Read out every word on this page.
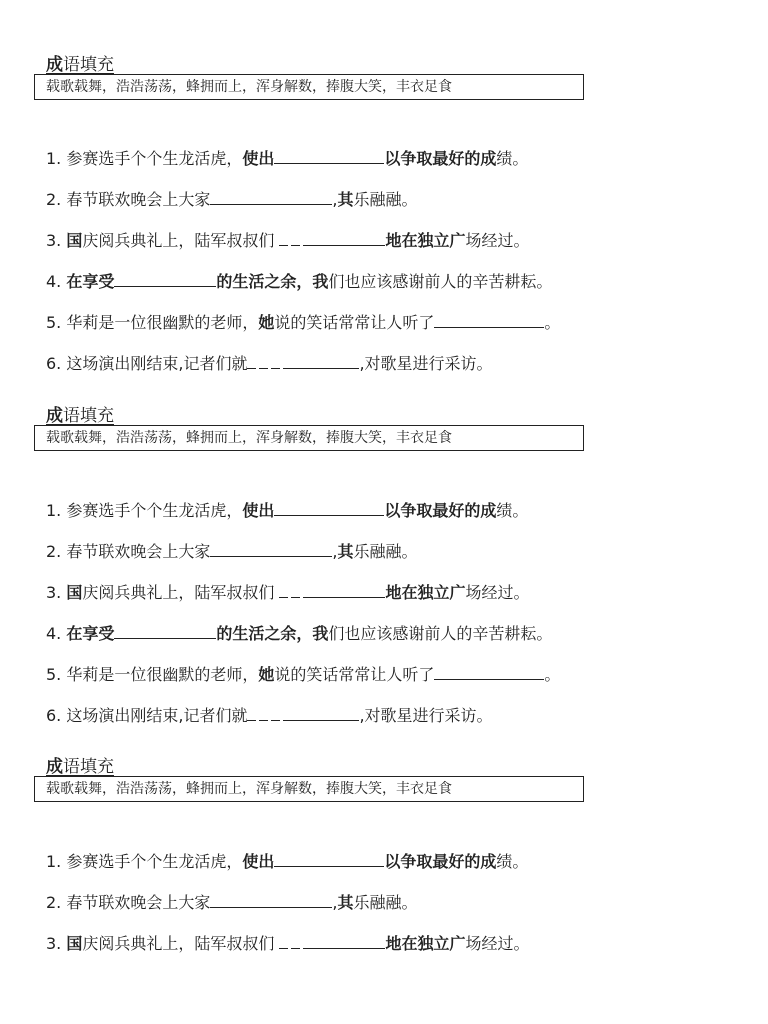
成语填充
载歌载舞，浩浩荡荡，蜂拥而上，浑身解数，捧腹大笑，丰衣足食
1. 参赛选手个个生龙活虎，使出	以争取最好的成绩。
2. 春节联欢晚会上大家	,其乐融融。
3. 国庆阅兵典礼上，陆军叔叔们	地在独立广场经过。
4. 在享受	的生活之余，我们也应该感谢前人的辛苦耕耘。
5. 华莉是一位很幽默的老师，她说的笑话常常让人听了	。
6. 这场演出刚结束,记者们就	,对歌星进行采访。
成语填充
载歌载舞，浩浩荡荡，蜂拥而上，浑身解数，捧腹大笑，丰衣足食
1. 参赛选手个个生龙活虎，使出	以争取最好的成绩。
2. 春节联欢晚会上大家	,其乐融融。
3. 国庆阅兵典礼上，陆军叔叔们	地在独立广场经过。
4. 在享受	的生活之余，我们也应该感谢前人的辛苦耕耘。
5. 华莉是一位很幽默的老师，她说的笑话常常让人听了	。
6. 这场演出刚结束,记者们就	,对歌星进行采访。
成语填充
载歌载舞，浩浩荡荡，蜂拥而上，浑身解数，捧腹大笑，丰衣足食
1. 参赛选手个个生龙活虎，使出	以争取最好的成绩。
2. 春节联欢晚会上大家	,其乐融融。
3. 国庆阅兵典礼上，陆军叔叔们	地在独立广场经过。
